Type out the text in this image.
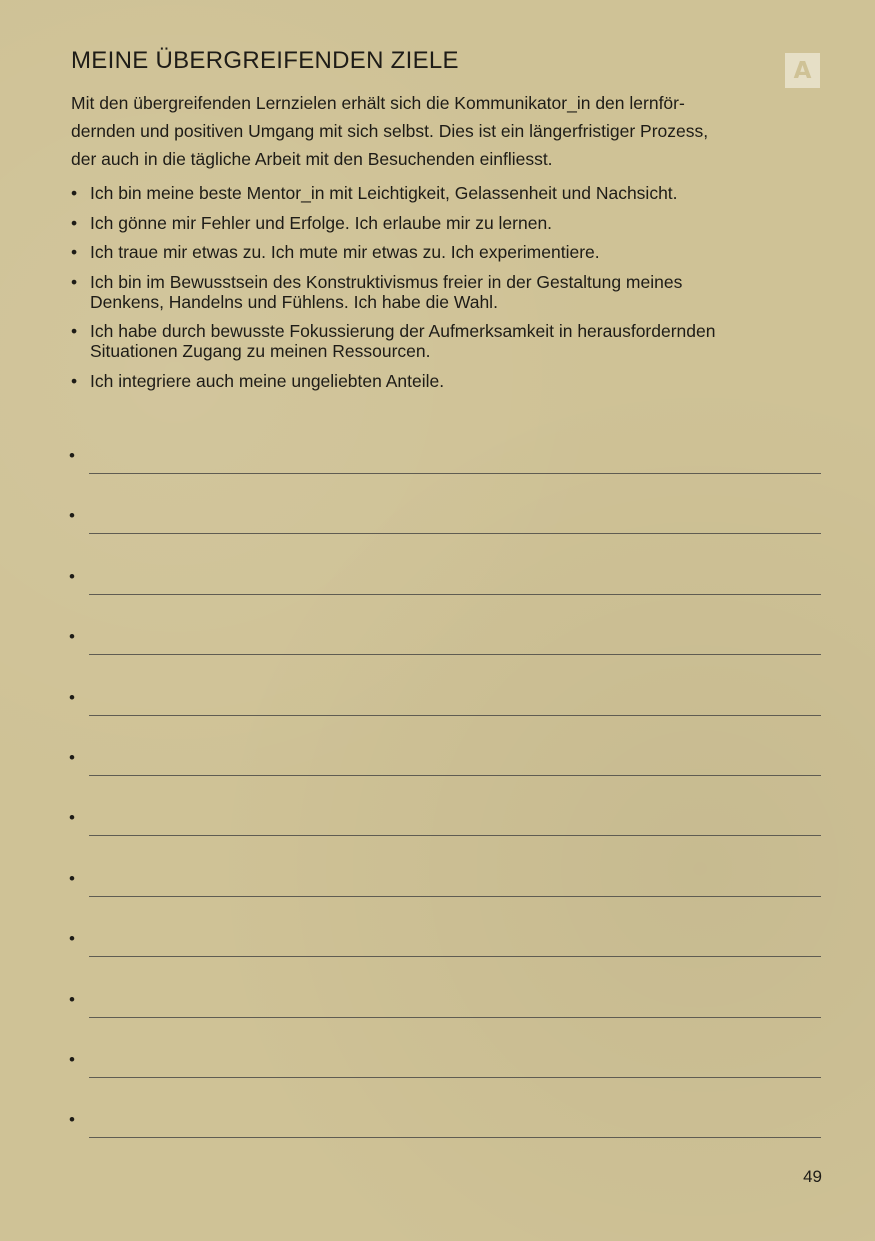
MEINE ÜBERGREIFENDEN ZIELE	A

Mit den übergreifenden Lernzielen erhält sich die Kommunikator_in den lernför-
dernden und positiven Umgang mit sich selbst. Dies ist ein längerfristiger Prozess,
der auch in die tägliche Arbeit mit den Besuchenden einfliesst.

• Ich bin meine beste Mentor_in mit Leichtigkeit, Gelassenheit und Nachsicht.
• Ich gönne mir Fehler und Erfolge. Ich erlaube mir zu lernen.
• Ich traue mir etwas zu. Ich mute mir etwas zu. Ich experimentiere.
• Ich bin im Bewusstsein des Konstruktivismus freier in der Gestaltung meines
Denkens, Handelns und Fühlens. Ich habe die Wahl.
• Ich habe durch bewusste Fokussierung der Aufmerksamkeit in herausfordernden
Situationen Zugang zu meinen Ressourcen.
• Ich integriere auch meine ungeliebten Anteile.
•
•
•
•
•
•
•
•
•
•
•
•
49
